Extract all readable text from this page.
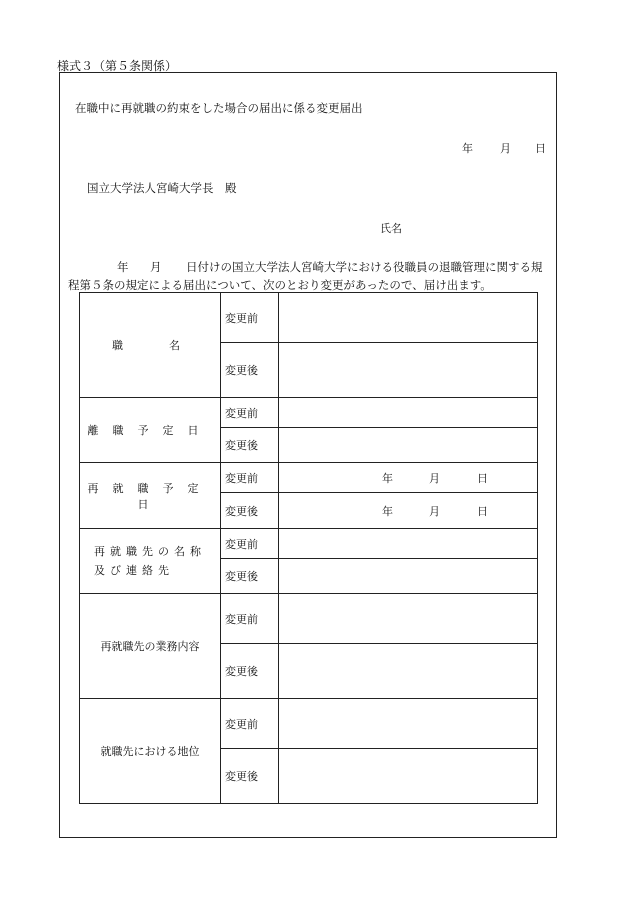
様式３（第５条関係）
在職中に再就職の約束をした場合の届出に係る変更届出
年 月 日
国立大学法人宮崎大学長　殿
氏名
年 月 日付けの国立大学法人宮崎大学における役職員の退職管理に関する規
程第５条の規定による届出について、次のとおり変更があったので、届け出ます。
職　　名	変更前	
	変更後	
離職予定日	変更前	
	変更後	
再就職予定日	変更前	年 月 日

	変更後	年 月 日

再就職先の名称
及び連絡先	変更前	
	変更後	
再就職先の業務内容	変更前	
	変更後	
就職先における地位	変更前	
	変更後	
